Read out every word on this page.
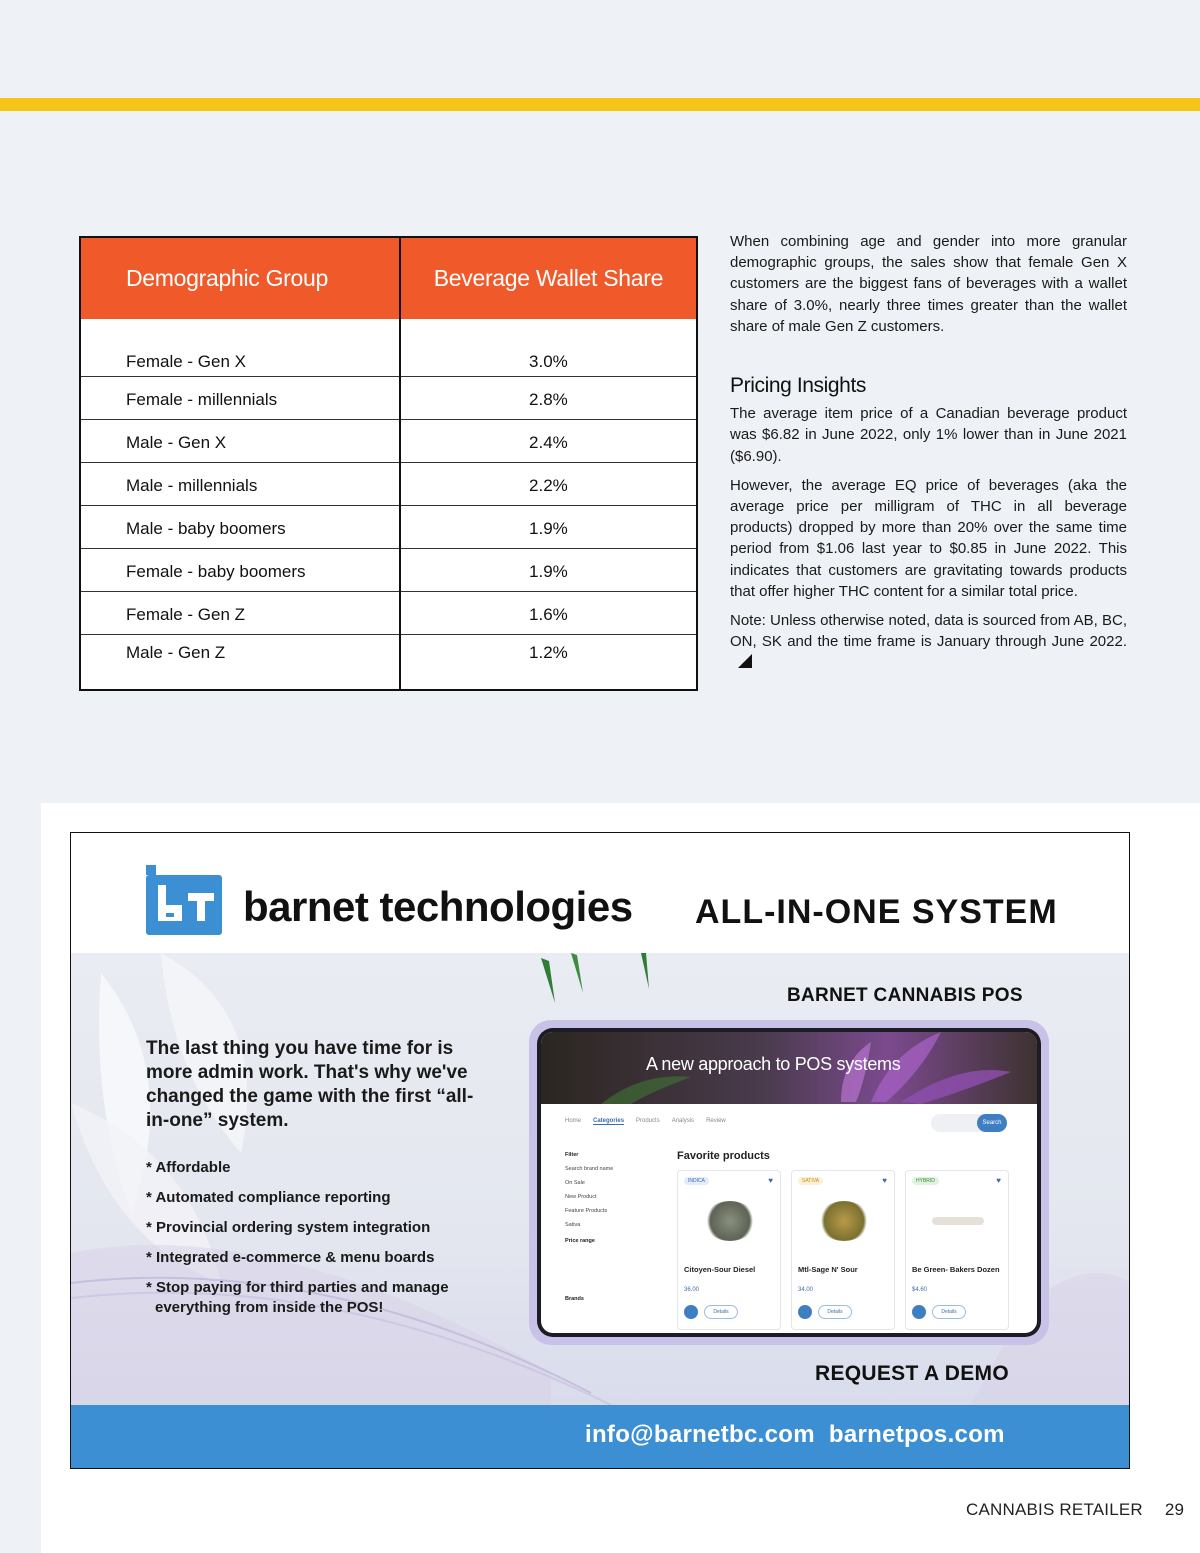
Demographic Group	Beverage Wallet Share
Female - Gen X	3.0%
Female - millennials	2.8%
Male - Gen X	2.4%
Male - millennials	2.2%
Male - baby boomers	1.9%
Female - baby boomers	1.9%
Female - Gen Z	1.6%
Male - Gen Z	1.2%

When combining age and gender into more granular demographic groups, the sales show that female Gen X customers are the biggest fans of beverages with a wallet share of 3.0%, nearly three times greater than the wallet share of male Gen Z customers.

Pricing Insights

The average item price of a Canadian beverage product was $6.82 in June 2022, only 1% lower than in June 2021 ($6.90).

However, the average EQ price of beverages (aka the average price per milligram of THC in all beverage products) dropped by more than 20% over the same time period from $1.06 last year to $0.85 in June 2022. This indicates that customers are gravitating towards products that offer higher THC content for a similar total price.

Note: Unless otherwise noted, data is sourced from AB, BC, ON, SK and the time frame is January through June 2022.

barnet technologies ALL-IN-ONE SYSTEM
The last thing you have time for is more admin work. That's why we've changed the game with the first “all-in-one” system.
* Affordable
* Automated compliance reporting
* Provincial ordering system integration
* Integrated e-commerce & menu boards
* Stop paying for third parties and manage
everything from inside the POS!
BARNET CANNABIS POS
A new approach to POS systems
Home Categories Products Analysis Review	Search
Filter
Search brand name
On Sale
New Product
Feature Products
Sativa
Price range
Brands
Favorite products
INDICA	♥
Citoyen-Sour Diesel
36.00
Details
SATIVA	♥
Mtl-Sage N' Sour
34.00
Details
HYBRID	♥
Be Green- Bakers Dozen
$4.60
Details
REQUEST A DEMO
info@barnetbc.com barnetpos.com
CANNABIS RETAILER 29
